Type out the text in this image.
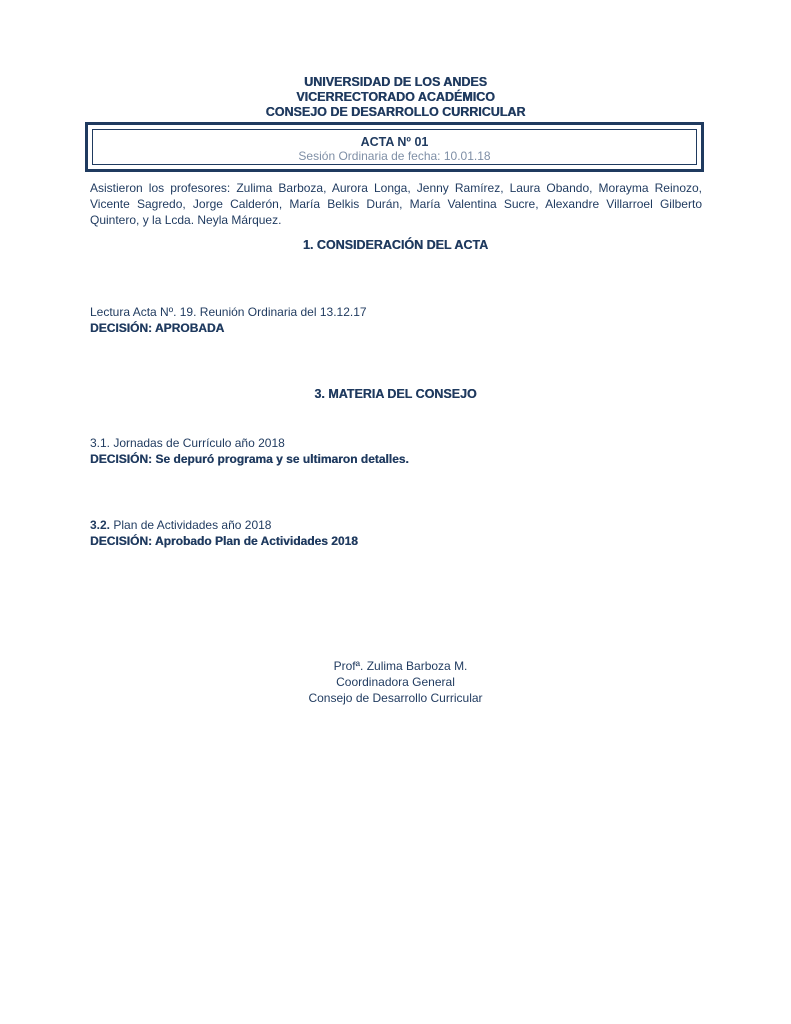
UNIVERSIDAD DE LOS ANDES
VICERRECTORADO ACADÉMICO
CONSEJO DE DESARROLLO CURRICULAR
ACTA Nº 01
Sesión Ordinaria de fecha: 10.01.18
Asistieron los profesores: Zulima Barboza, Aurora Longa, Jenny Ramírez, Laura Obando, Morayma Reinozo, Vicente Sagredo, Jorge Calderón, María Belkis Durán, María Valentina Sucre, Alexandre Villarroel Gilberto Quintero, y la Lcda. Neyla Márquez.
1. CONSIDERACIÓN DEL ACTA
Lectura Acta Nº. 19. Reunión Ordinaria del 13.12.17
DECISIÓN: APROBADA
3. MATERIA DEL CONSEJO
3.1. Jornadas de Currículo año 2018
DECISIÓN: Se depuró programa y se ultimaron detalles.
3.2. Plan de Actividades año 2018
DECISIÓN: Aprobado Plan de Actividades 2018
Profª. Zulima Barboza M.
Coordinadora General
Consejo de Desarrollo Curricular
